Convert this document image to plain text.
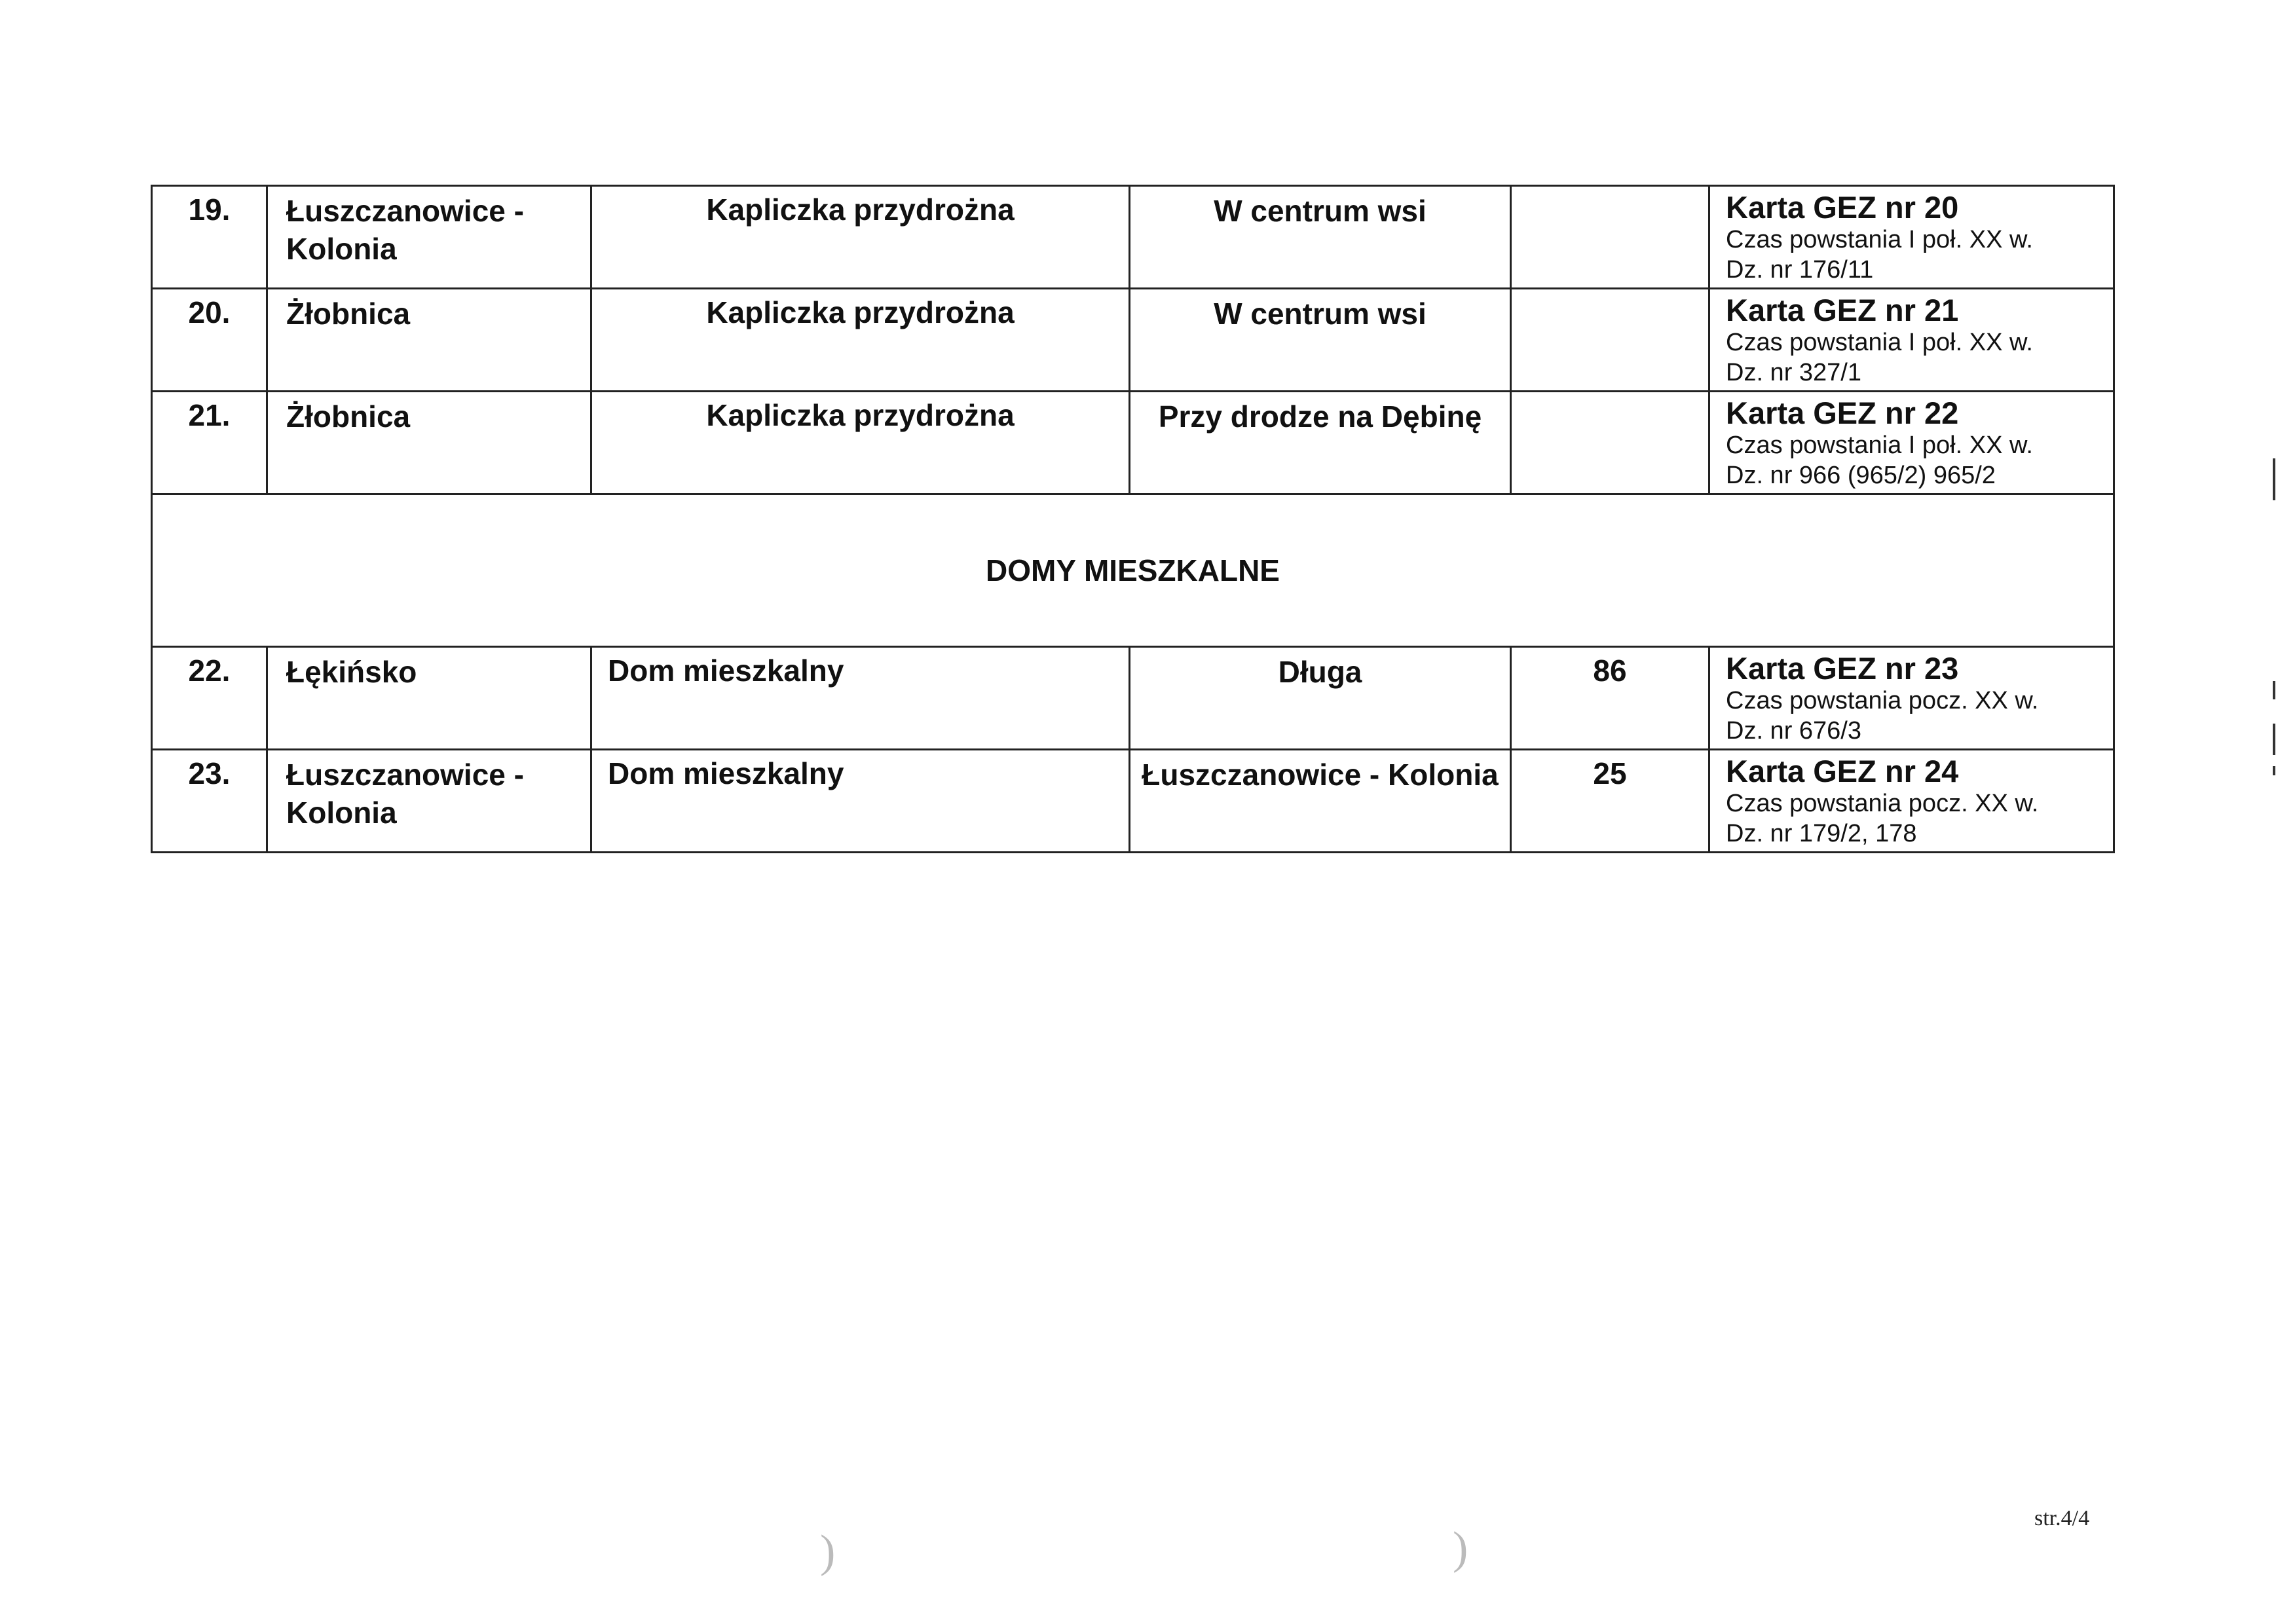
19.	Łuszczanowice - Kolonia	Kapliczka przydrożna	W centrum wsi		Karta GEZ nr 20
Czas powstania I poł. XX w.
Dz. nr 176/11

20.	Żłobnica	Kapliczka przydrożna	W centrum wsi		Karta GEZ nr 21
Czas powstania I poł. XX w.
Dz. nr 327/1

21.	Żłobnica	Kapliczka przydrożna	Przy drodze na Dębinę		Karta GEZ nr 22
Czas powstania I poł. XX w.
Dz. nr 966 (965/2) 965/2

DOMY MIESZKALNE					
22.	Łękińsko	Dom mieszkalny	Długa	86	Karta GEZ nr 23
Czas powstania pocz. XX w.
Dz. nr 676/3

23.	Łuszczanowice - Kolonia	Dom mieszkalny	Łuszczanowice - Kolonia	25	Karta GEZ nr 24
Czas powstania pocz. XX w.
Dz. nr 179/2, 178
)	)
str.4/4
